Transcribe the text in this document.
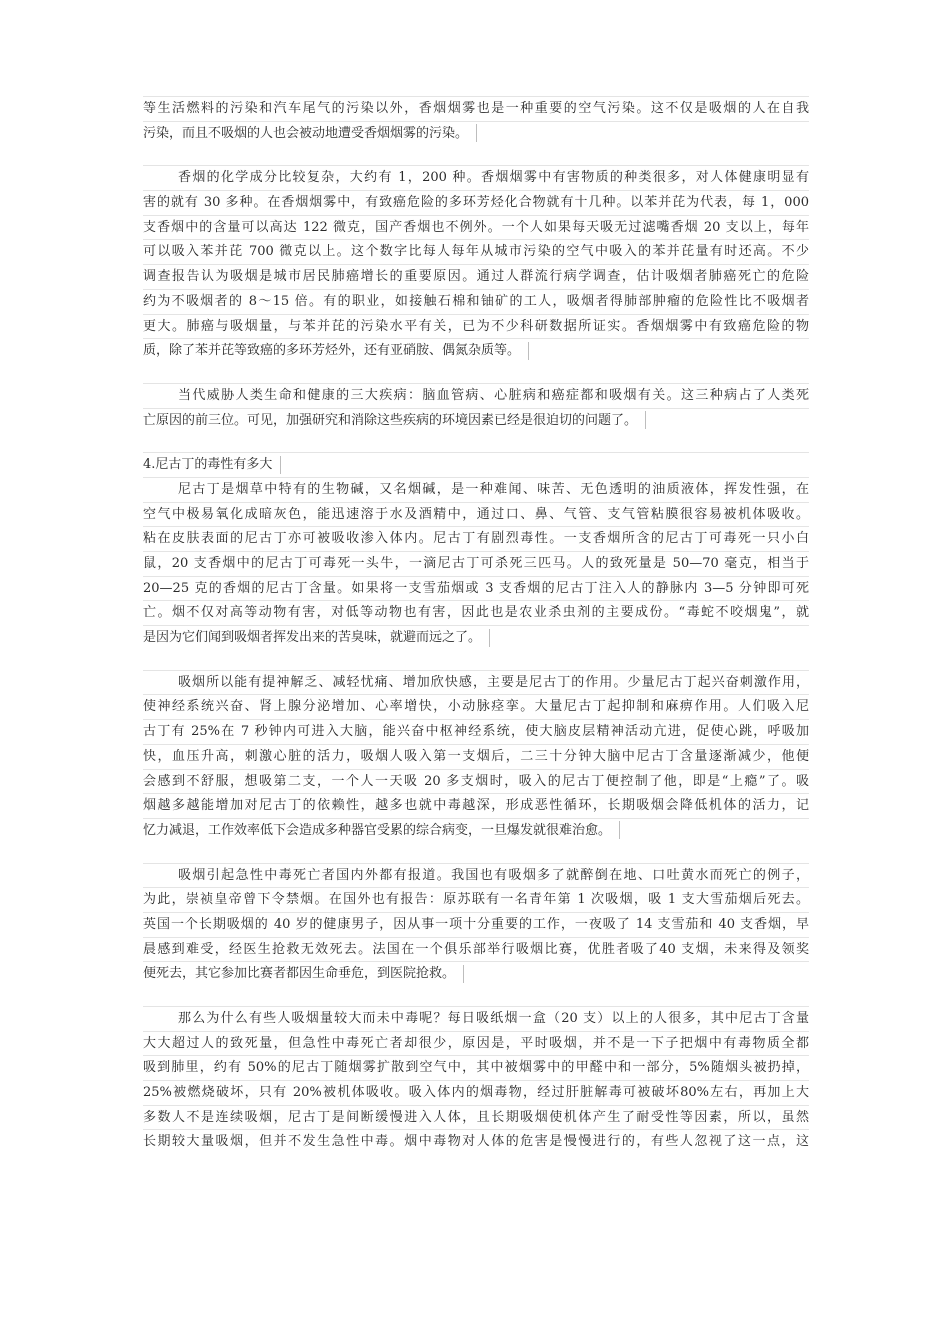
等生活燃料的污染和汽车尾气的污染以外，香烟烟雾也是一种重要的空气污染。这不仅是吸烟的人在自我
污染，而且不吸烟的人也会被动地遭受香烟烟雾的污染。
香烟的化学成分比较复杂，大约有 1，200 种。香烟烟雾中有害物质的种类很多，对人体健康明显有
害的就有 30 多种。在香烟烟雾中，有致癌危险的多环芳烃化合物就有十几种。以苯并芘为代表，每 1，000
支香烟中的含量可以高达 122 微克，国产香烟也不例外。一个人如果每天吸无过滤嘴香烟 20 支以上，每年
可以吸入苯并芘 700 微克以上。这个数字比每人每年从城市污染的空气中吸入的苯并芘量有时还高。不少
调查报告认为吸烟是城市居民肺癌增长的重要原因。通过人群流行病学调查，估计吸烟者肺癌死亡的危险
约为不吸烟者的 8～15 倍。有的职业，如接触石棉和铀矿的工人，吸烟者得肺部肿瘤的危险性比不吸烟者
更大。肺癌与吸烟量，与苯并芘的污染水平有关，已为不少科研数据所证实。香烟烟雾中有致癌危险的物
质，除了苯并芘等致癌的多环芳烃外，还有亚硝胺、偶氮杂质等。
当代威胁人类生命和健康的三大疾病：脑血管病、心脏病和癌症都和吸烟有关。这三种病占了人类死
亡原因的前三位。可见，加强研究和消除这些疾病的环境因素已经是很迫切的问题了。
4.尼古丁的毒性有多大
尼古丁是烟草中特有的生物碱，又名烟碱，是一种难闻、味苦、无色透明的油质液体，挥发性强，在
空气中极易氧化成暗灰色，能迅速溶于水及酒精中，通过口、鼻、气管、支气管粘膜很容易被机体吸收。
粘在皮肤表面的尼古丁亦可被吸收渗入体内。尼古丁有剧烈毒性。一支香烟所含的尼古丁可毒死一只小白
鼠，20 支香烟中的尼古丁可毒死一头牛，一滴尼古丁可杀死三匹马。人的致死量是 50—70 毫克，相当于
20—25 克的香烟的尼古丁含量。如果将一支雪茄烟或 3 支香烟的尼古丁注入人的静脉内 3—5 分钟即可死
亡。烟不仅对高等动物有害，对低等动物也有害，因此也是农业杀虫剂的主要成份。“毒蛇不咬烟鬼”，就
是因为它们闻到吸烟者挥发出来的苦臭味，就避而远之了。
吸烟所以能有提神解乏、减轻忧痛、增加欣快感，主要是尼古丁的作用。少量尼古丁起兴奋刺激作用，
使神经系统兴奋、肾上腺分泌增加、心率增快，小动脉痉挛。大量尼古丁起抑制和麻痹作用。人们吸入尼
古丁有 25%在 7 秒钟内可进入大脑，能兴奋中枢神经系统，使大脑皮层精神活动亢进，促使心跳，呼吸加
快，血压升高，刺激心脏的活力，吸烟人吸入第一支烟后，二三十分钟大脑中尼古丁含量逐渐减少，他便
会感到不舒服，想吸第二支，一个人一天吸 20 多支烟时，吸入的尼古丁便控制了他，即是“上瘾”了。吸
烟越多越能增加对尼古丁的依赖性，越多也就中毒越深，形成恶性循环，长期吸烟会降低机体的活力，记
忆力减退，工作效率低下会造成多种器官受累的综合病变，一旦爆发就很难治愈。
吸烟引起急性中毒死亡者国内外都有报道。我国也有吸烟多了就醉倒在地、口吐黄水而死亡的例子，
为此，崇祯皇帝曾下令禁烟。在国外也有报告：原苏联有一名青年第 1 次吸烟，吸 1 支大雪茄烟后死去。
英国一个长期吸烟的 40 岁的健康男子，因从事一项十分重要的工作，一夜吸了 14 支雪茄和 40 支香烟，早
晨感到难受，经医生抢救无效死去。法国在一个俱乐部举行吸烟比赛，优胜者吸了40 支烟，未来得及领奖
便死去，其它参加比赛者都因生命垂危，到医院抢救。
那么为什么有些人吸烟量较大而未中毒呢？每日吸纸烟一盒（20 支）以上的人很多，其中尼古丁含量
大大超过人的致死量，但急性中毒死亡者却很少，原因是，平时吸烟，并不是一下子把烟中有毒物质全都
吸到肺里，约有 50%的尼古丁随烟雾扩散到空气中，其中被烟雾中的甲醛中和一部分，5%随烟头被扔掉，
25%被燃烧破坏，只有 20%被机体吸收。吸入体内的烟毒物，经过肝脏解毒可被破坏80%左右，再加上大
多数人不是连续吸烟，尼古丁是间断缓慢进入人体，且长期吸烟使机体产生了耐受性等因素，所以，虽然
长期较大量吸烟，但并不发生急性中毒。烟中毒物对人体的危害是慢慢进行的，有些人忽视了这一点，这
